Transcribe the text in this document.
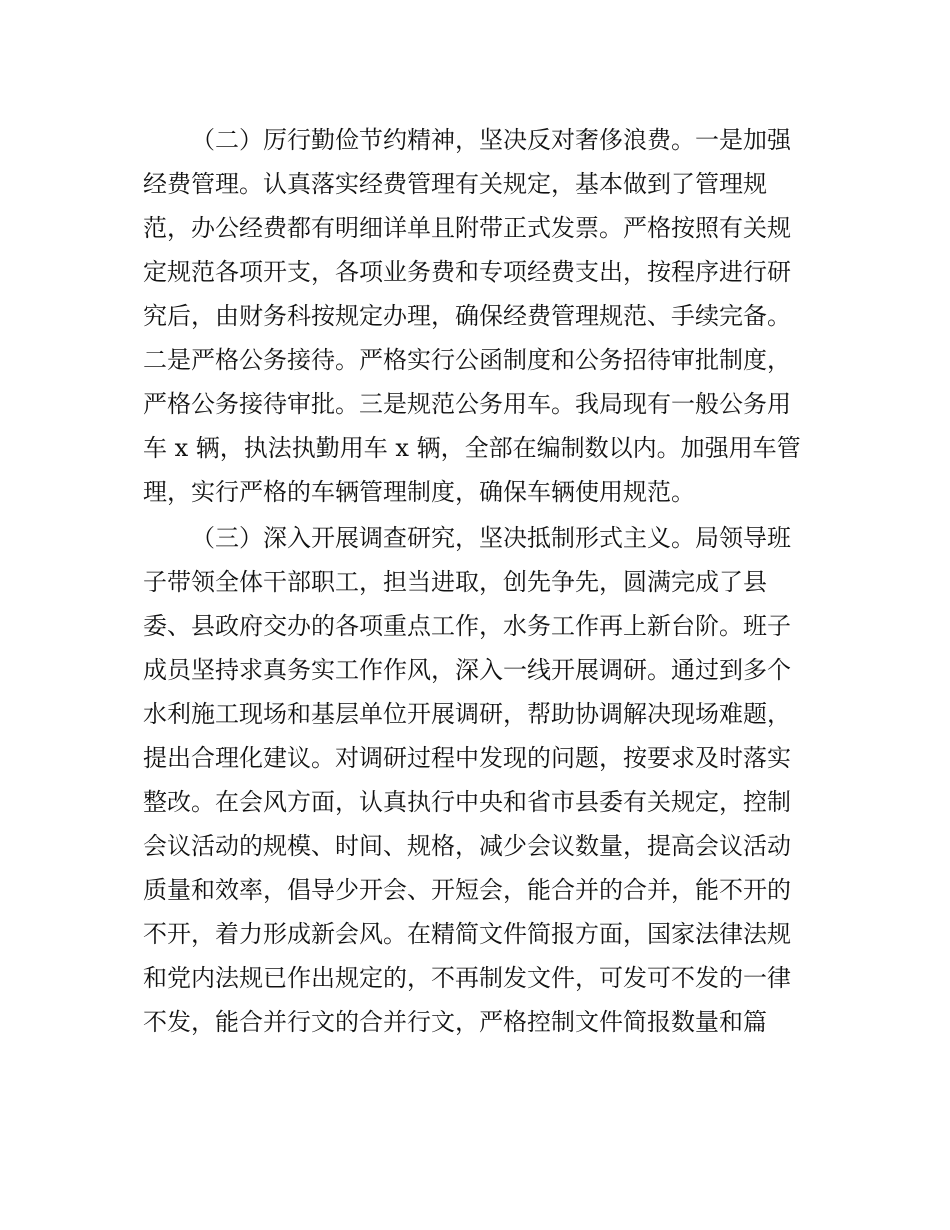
（二）厉行勤俭节约精神，坚决反对奢侈浪费。一是加强
经费管理。认真落实经费管理有关规定，基本做到了管理规
范，办公经费都有明细详单且附带正式发票。严格按照有关规
定规范各项开支，各项业务费和专项经费支出，按程序进行研
究后，由财务科按规定办理，确保经费管理规范、手续完备。
二是严格公务接待。严格实行公函制度和公务招待审批制度，
严格公务接待审批。三是规范公务用车。我局现有一般公务用
车 x 辆，执法执勤用车 x 辆，全部在编制数以内。加强用车管
理，实行严格的车辆管理制度，确保车辆使用规范。

（三）深入开展调查研究，坚决抵制形式主义。局领导班
子带领全体干部职工，担当进取，创先争先，圆满完成了县
委、县政府交办的各项重点工作，水务工作再上新台阶。班子
成员坚持求真务实工作作风，深入一线开展调研。通过到多个
水利施工现场和基层单位开展调研，帮助协调解决现场难题，
提出合理化建议。对调研过程中发现的问题，按要求及时落实
整改。在会风方面，认真执行中央和省市县委有关规定，控制
会议活动的规模、时间、规格，减少会议数量，提高会议活动
质量和效率，倡导少开会、开短会，能合并的合并，能不开的
不开，着力形成新会风。在精简文件简报方面，国家法律法规
和党内法规已作出规定的，不再制发文件，可发可不发的一律
不发，能合并行文的合并行文，严格控制文件简报数量和篇
